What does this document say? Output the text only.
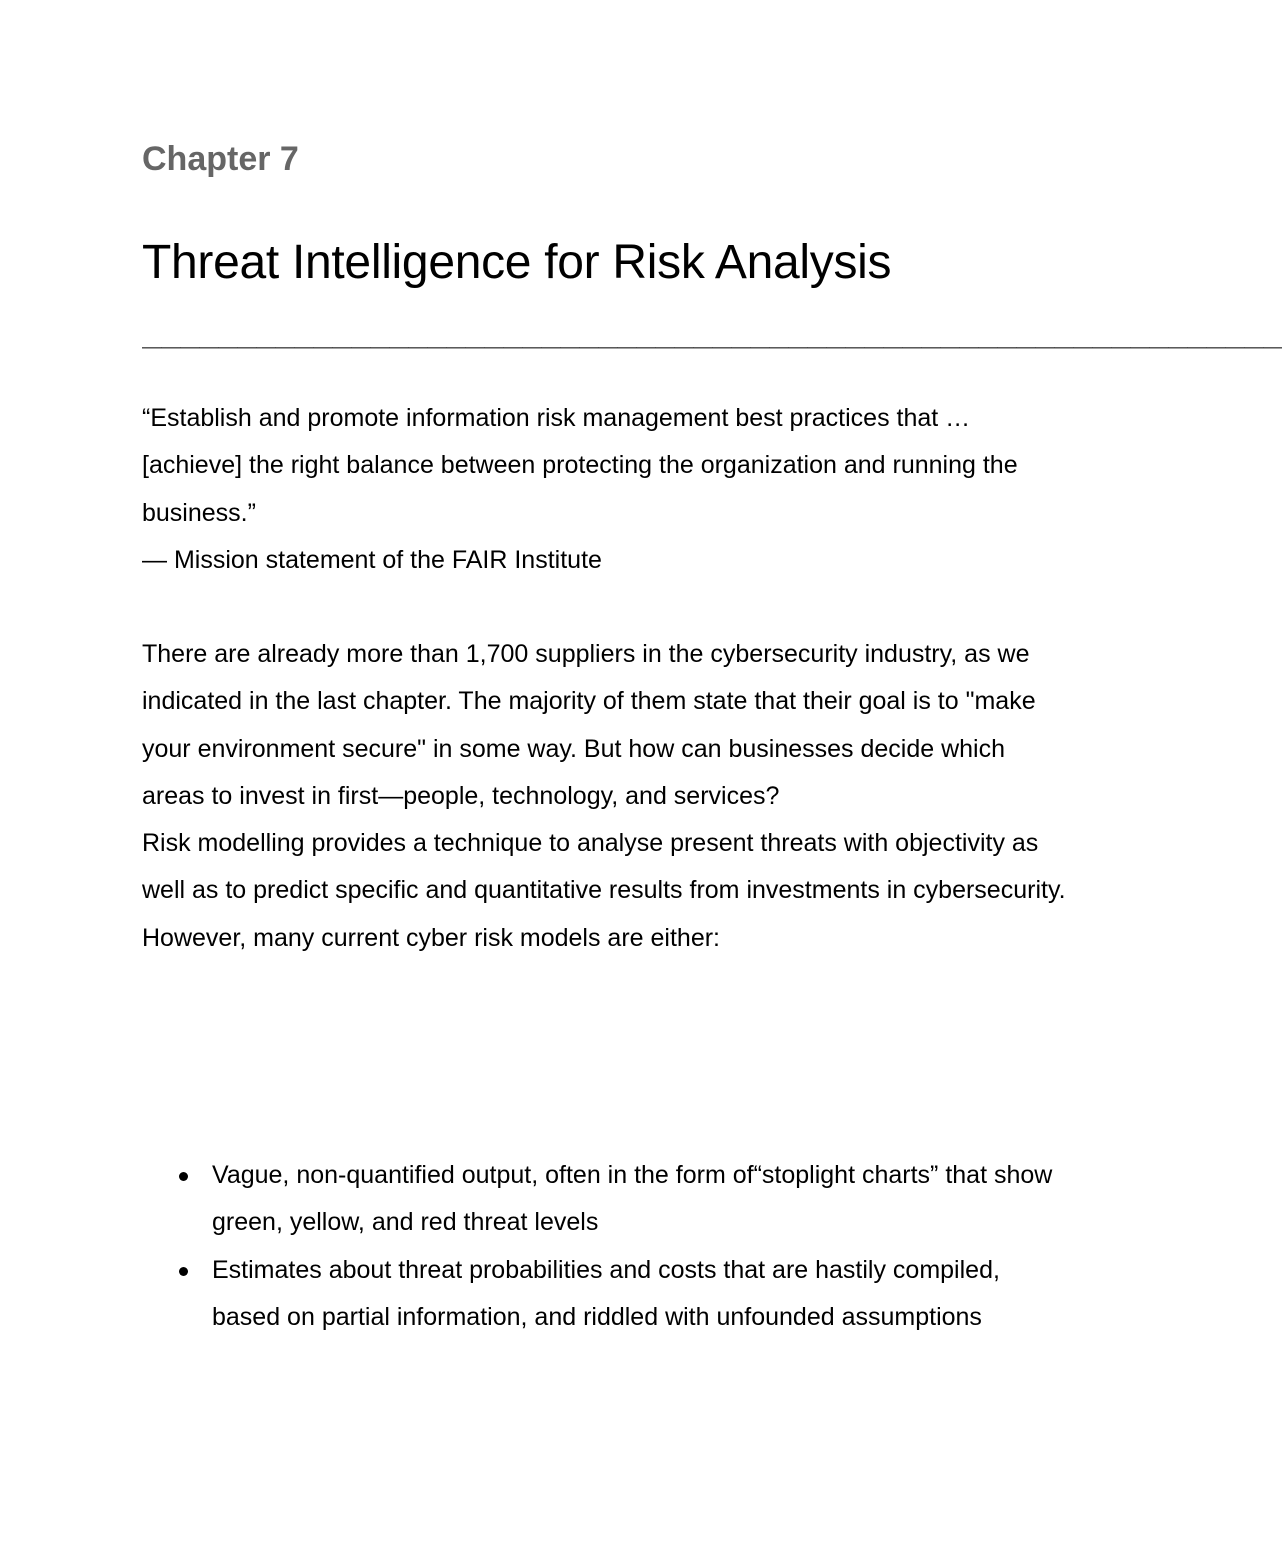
Chapter 7
Threat Intelligence for Risk Analysis
————————————————————————————————————————————————————————————

“Establish and promote information risk management best practices that …[achieve] the right balance between protecting the organization and running the business.”

— Mission statement of the FAIR Institute

There are already more than 1,700 suppliers in the cybersecurity industry, as we indicated in the last chapter. The majority of them state that their goal is to "make your environment secure" in some way. But how can businesses decide which areas to invest in first—people, technology, and services?

Risk modelling provides a technique to analyse present threats with objectivity as well as to predict specific and quantitative results from investments in cybersecurity. However, many current cyber risk models are either:

Vague, non-quantified output, often in the form of“stoplight charts” that show green, yellow, and red threat levels
Estimates about threat probabilities and costs that are hastily compiled, based on partial information, and riddled with unfounded assumptions
